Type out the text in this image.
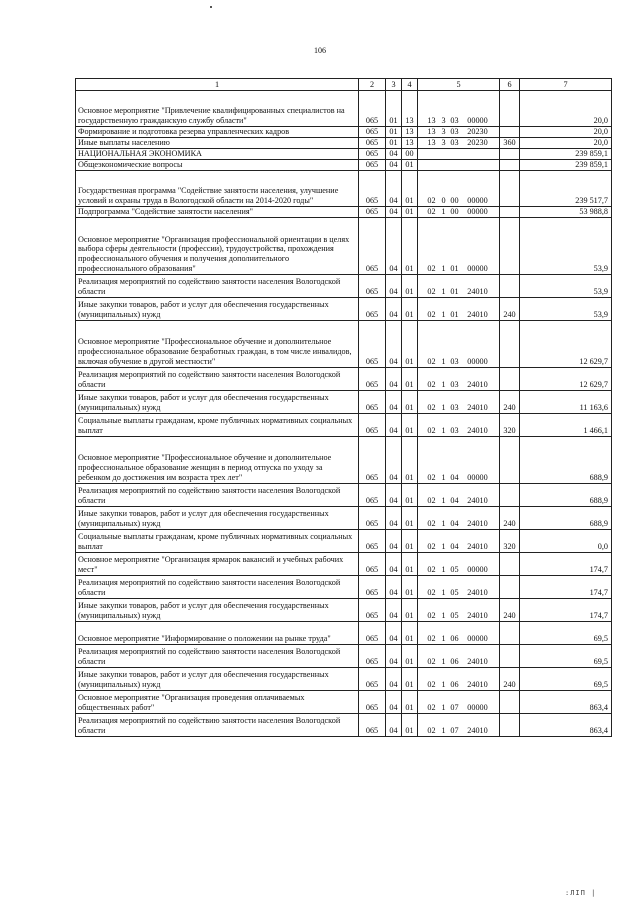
106
1	2	3	4	5	6	7
Основное мероприятие "Привлечение квалифицированных специалистов на государственную гражданскую службу области"	065	01	13	13 3 03 00000		20,0
Формирование и подготовка резерва управленческих кадров	065	01	13	13 3 03 20230		20,0
Иные выплаты населению	065	01	13	13 3 03 20230	360	20,0
НАЦИОНАЛЬНАЯ ЭКОНОМИКА	065	04	00			239 859,1
Общеэкономические вопросы	065	04	01			239 859,1
Государственная программа "Содействие занятости населения, улучшение условий и охраны труда в Вологодской области на 2014-2020 годы"	065	04	01	02 0 00 00000		239 517,7
Подпрограмма "Содействие занятости населения"	065	04	01	02 1 00 00000		53 988,8
Основное мероприятие "Организация профессиональной ориентации в целях выбора сферы деятельности (профессии), трудоустройства, прохождения профессионального обучения и получения дополнительного профессионального образования"	065	04	01	02 1 01 00000		53,9
Реализация мероприятий по содействию занятости населения Вологодской области	065	04	01	02 1 01 24010		53,9
Иные закупки товаров, работ и услуг для обеспечения государственных (муниципальных) нужд	065	04	01	02 1 01 24010	240	53,9
Основное мероприятие "Профессиональное обучение и дополнительное профессиональное образование безработных граждан, в том числе инвалидов, включая обучение в другой местности"	065	04	01	02 1 03 00000		12 629,7
Реализация мероприятий по содействию занятости населения Вологодской области	065	04	01	02 1 03 24010		12 629,7
Иные закупки товаров, работ и услуг для обеспечения государственных (муниципальных) нужд	065	04	01	02 1 03 24010	240	11 163,6
Социальные выплаты гражданам, кроме публичных нормативных социальных выплат	065	04	01	02 1 03 24010	320	1 466,1
Основное мероприятие "Профессиональное обучение и дополнительное профессиональное образование женщин в период отпуска по уходу за ребенком до достижения им возраста трех лет"	065	04	01	02 1 04 00000		688,9
Реализация мероприятий по содействию занятости населения Вологодской области	065	04	01	02 1 04 24010		688,9
Иные закупки товаров, работ и услуг для обеспечения государственных (муниципальных) нужд	065	04	01	02 1 04 24010	240	688,9
Социальные выплаты гражданам, кроме публичных нормативных социальных выплат	065	04	01	02 1 04 24010	320	0,0
Основное мероприятие "Организация ярмарок вакансий и учебных рабочих мест"	065	04	01	02 1 05 00000		174,7
Реализация мероприятий по содействию занятости населения Вологодской области	065	04	01	02 1 05 24010		174,7
Иные закупки товаров, работ и услуг для обеспечения государственных (муниципальных) нужд	065	04	01	02 1 05 24010	240	174,7
Основное мероприятие "Информирование о положении на рынке труда"	065	04	01	02 1 06 00000		69,5
Реализация мероприятий по содействию занятости населения Вологодской области	065	04	01	02 1 06 24010		69,5
Иные закупки товаров, работ и услуг для обеспечения государственных (муниципальных) нужд	065	04	01	02 1 06 24010	240	69,5
Основное мероприятие "Организация проведения оплачиваемых общественных работ"	065	04	01	02 1 07 00000		863,4
Реализация мероприятий по содействию занятости населения Вологодской области	065	04	01	02 1 07 24010		863,4
:ЛІП |
